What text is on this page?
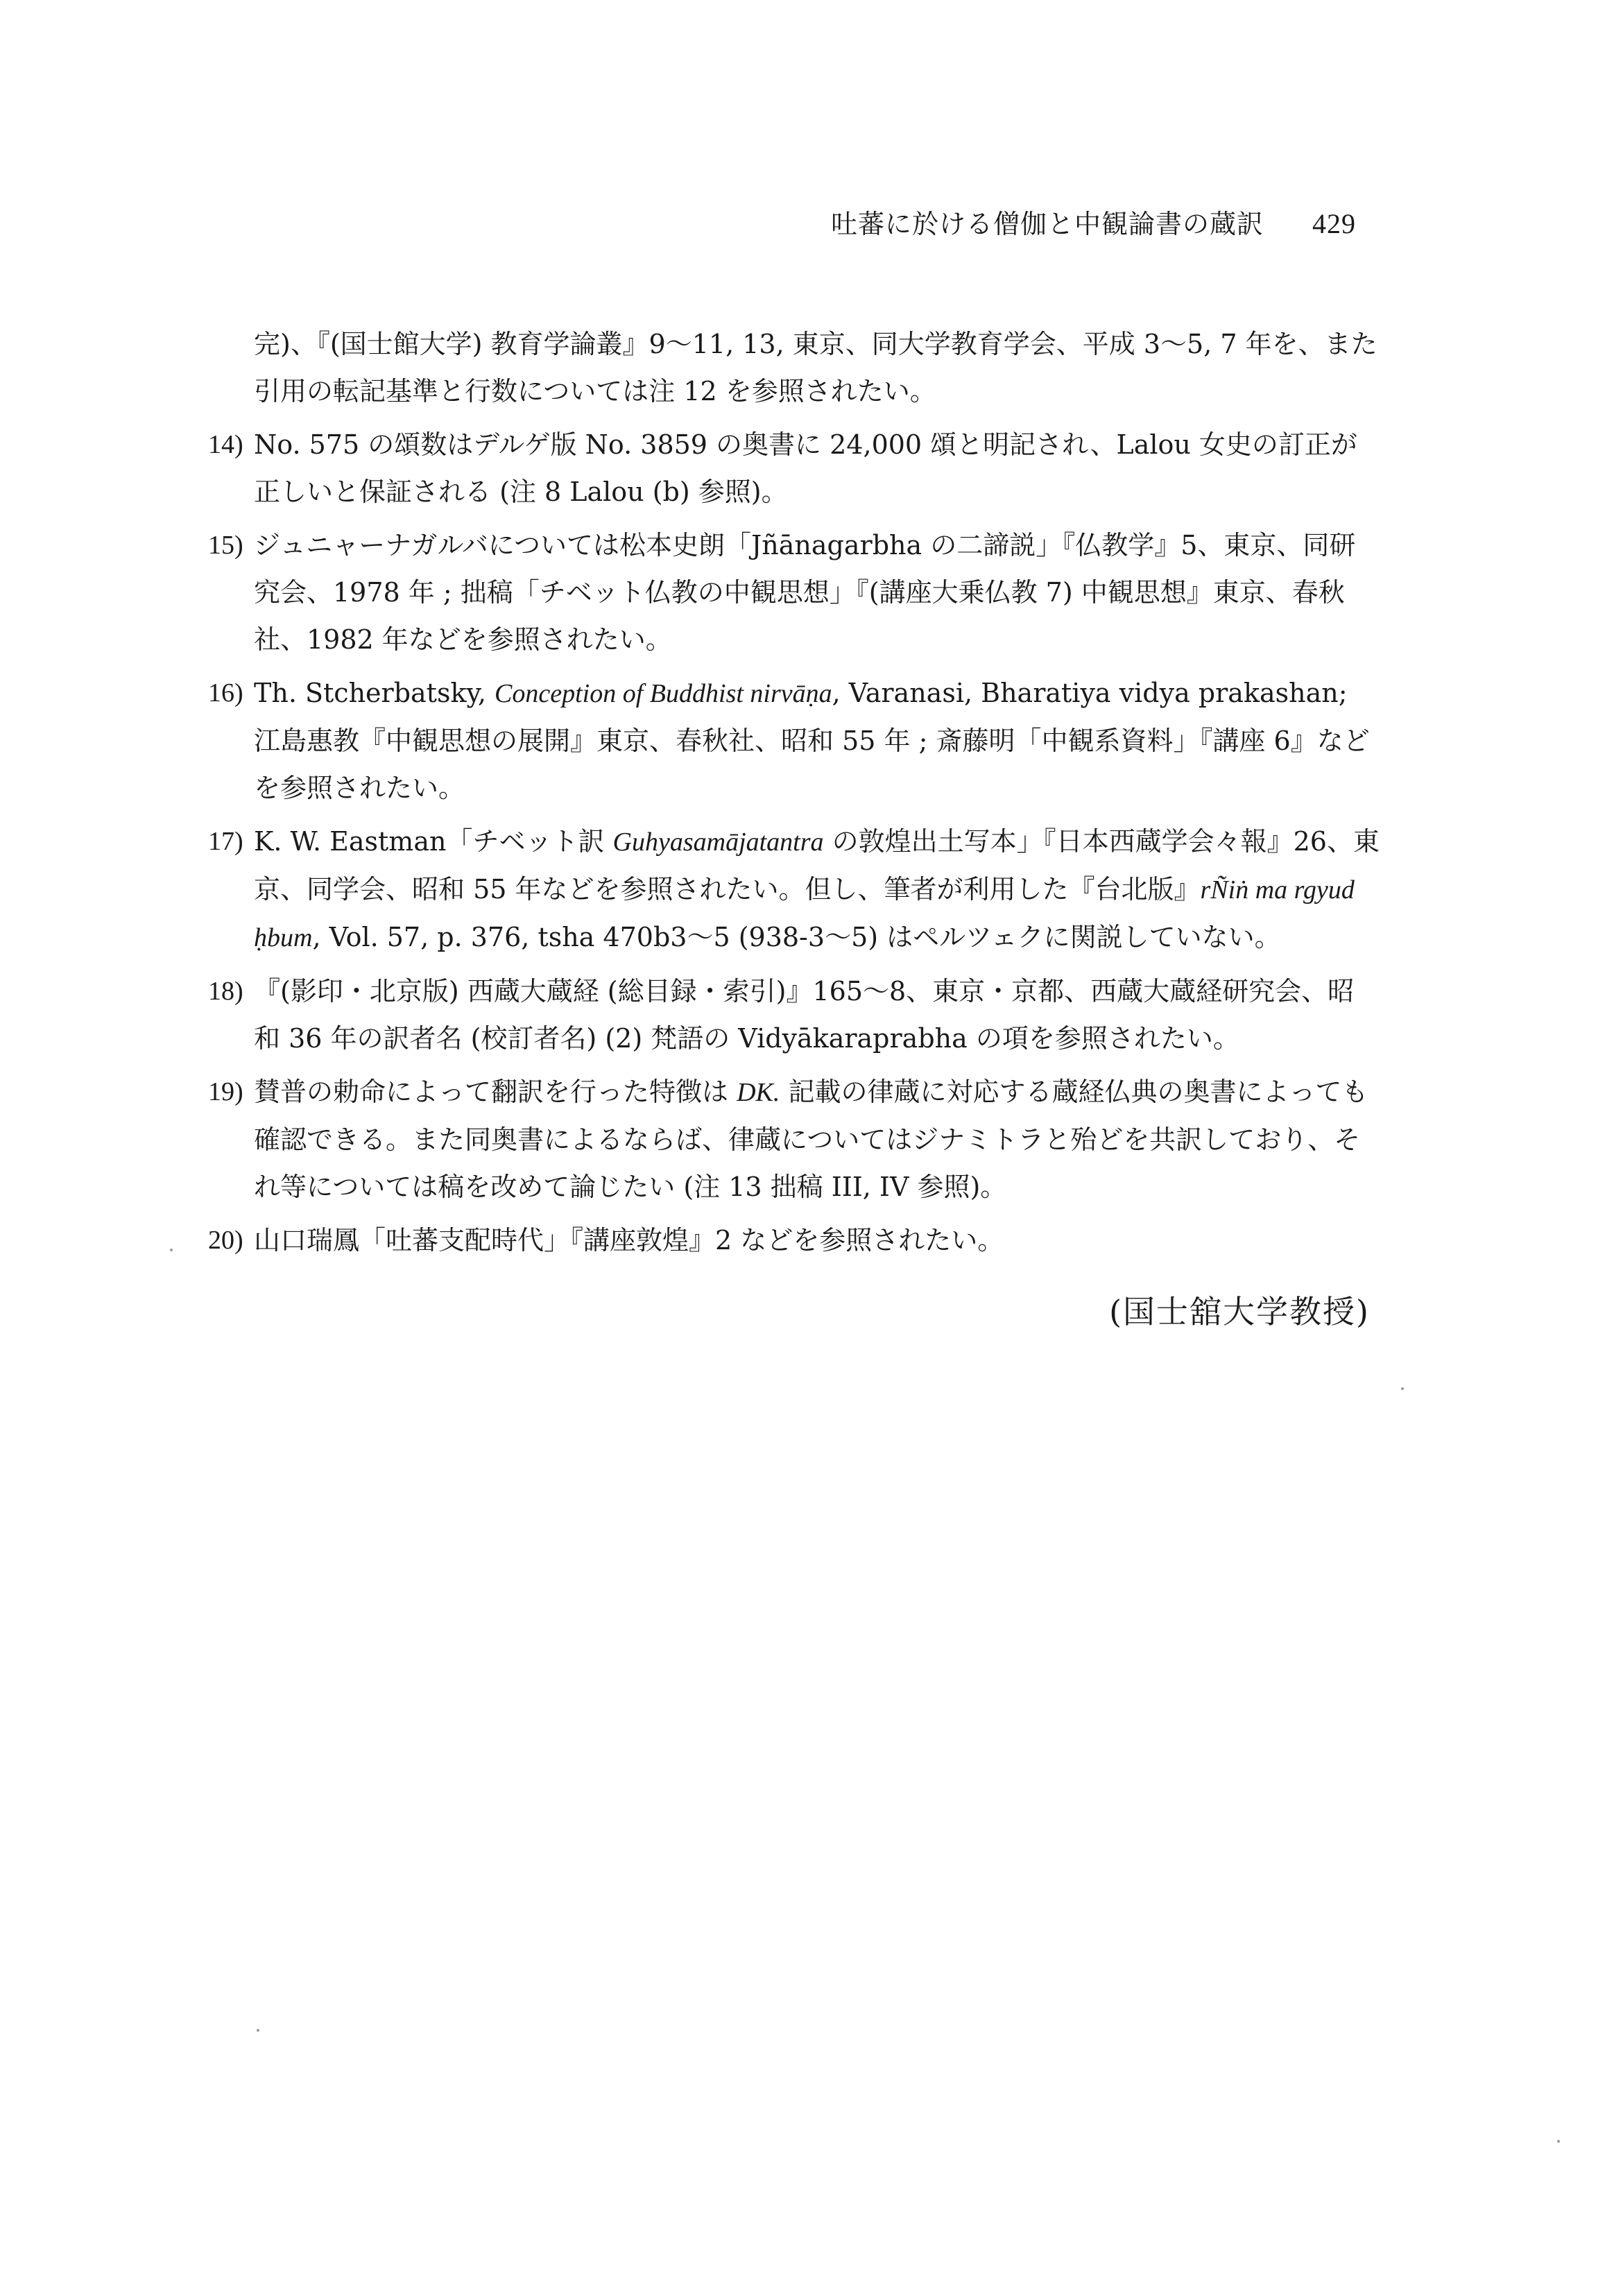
吐蕃に於ける僧伽と中観論書の蔵訳 429
完)、『(国士館大学) 教育学論叢』9〜11, 13, 東京、同大学教育学会、平成 3〜5, 7 年を、また引用の転記基準と行数については注 12 を参照されたい。
14) No. 575 の頌数はデルゲ版 No. 3859 の奥書に 24,000 頌と明記され、Lalou 女史の訂正が正しいと保証される (注 8 Lalou (b) 参照)。
15) ジュニャーナガルバについては松本史朗「Jñānagarbha の二諦説」『仏教学』5、東京、同研究会、1978 年 ; 拙稿「チベット仏教の中観思想」『(講座大乗仏教 7) 中観思想』東京、春秋社、1982 年などを参照されたい。
16) Th. Stcherbatsky, Conception of Buddhist nirvāṇa, Varanasi, Bharatiya vidya prakashan; 江島惠教『中観思想の展開』東京、春秋社、昭和 55 年 ; 斎藤明「中観系資料」『講座 6』などを参照されたい。
17) K. W. Eastman「チベット訳 Guhyasamājatantra の敦煌出土写本」『日本西蔵学会々報』26、東京、同学会、昭和 55 年などを参照されたい。但し、筆者が利用した『台北版』rÑiṅ ma rgyud ḥbum, Vol. 57, p. 376, tsha 470b3〜5 (938-3〜5) はペルツェクに関説していない。
18) 『(影印・北京版) 西蔵大蔵経 (総目録・索引)』165〜8、東京・京都、西蔵大蔵経研究会、昭和 36 年の訳者名 (校訂者名) (2) 梵語の Vidyākaraprabha の項を参照されたい。
19) 賛普の勅命によって翻訳を行った特徴は DK. 記載の律蔵に対応する蔵経仏典の奥書によっても確認できる。また同奥書によるならば、律蔵についてはジナミトラと殆どを共訳しており、それ等については稿を改めて論じたい (注 13 拙稿 III, IV 参照)。
20) 山口瑞鳳「吐蕃支配時代」『講座敦煌』2 などを参照されたい。
(国士舘大学教授)
